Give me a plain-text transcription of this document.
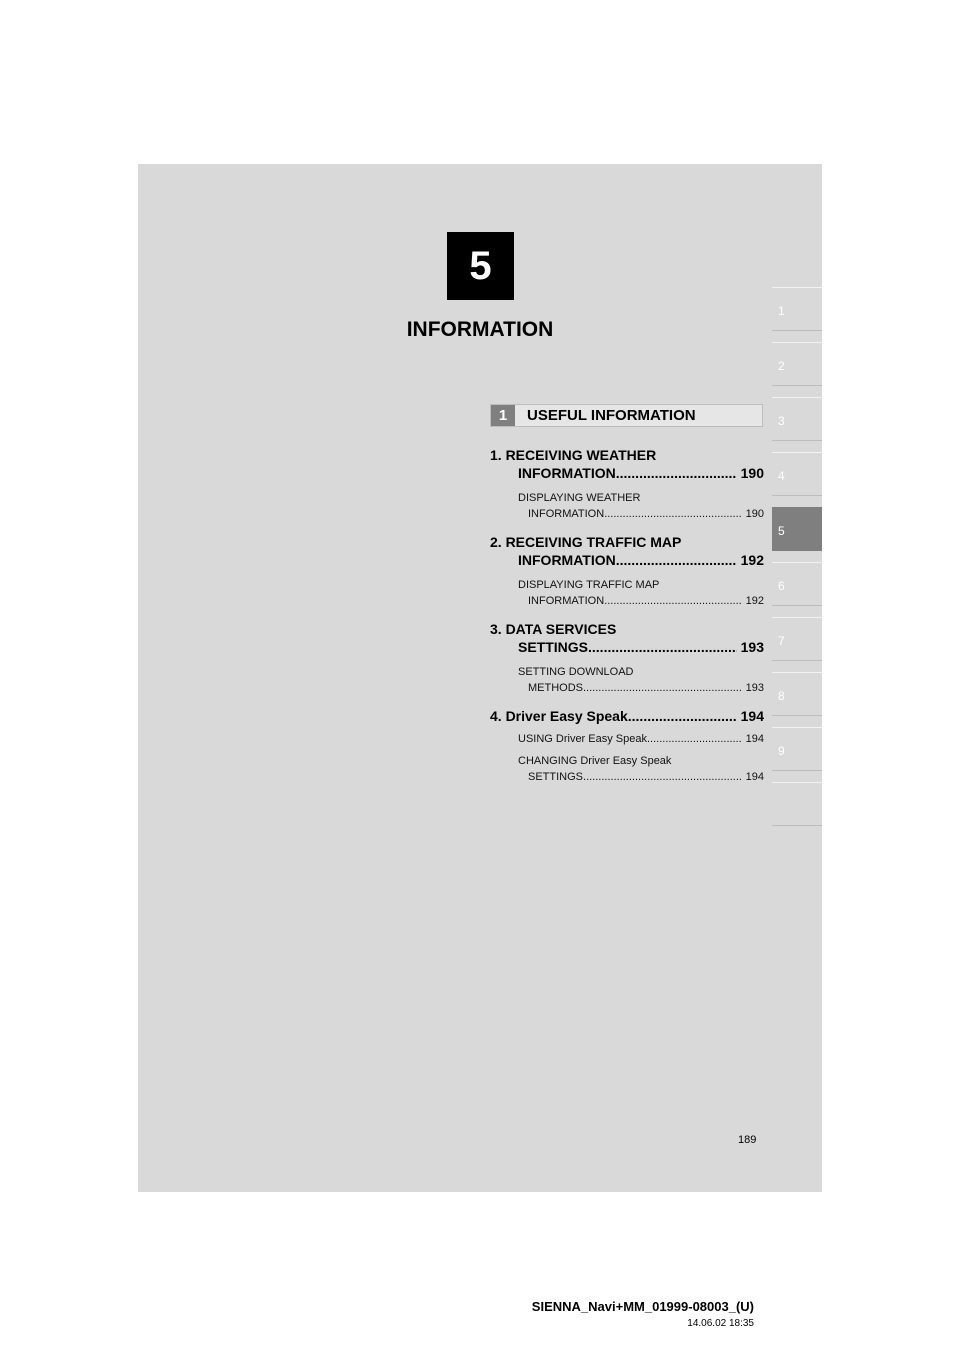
5
INFORMATION
1
2
3
4
5
6
7
8
9
1	USEFUL INFORMATION
1. RECEIVING WEATHER
INFORMATION .....	190
DISPLAYING WEATHER
INFORMATION .....	190
2. RECEIVING TRAFFIC MAP
INFORMATION .....	192
DISPLAYING TRAFFIC MAP
INFORMATION .....	192
3. DATA SERVICES
SETTINGS .....	193
SETTING DOWNLOAD
METHODS .....	193
4. Driver Easy Speak .....	194
USING Driver Easy Speak .....	194
CHANGING Driver Easy Speak
SETTINGS .....	194
189
SIENNA_Navi+MM_01999-08003_(U)
14.06.02 18:35
